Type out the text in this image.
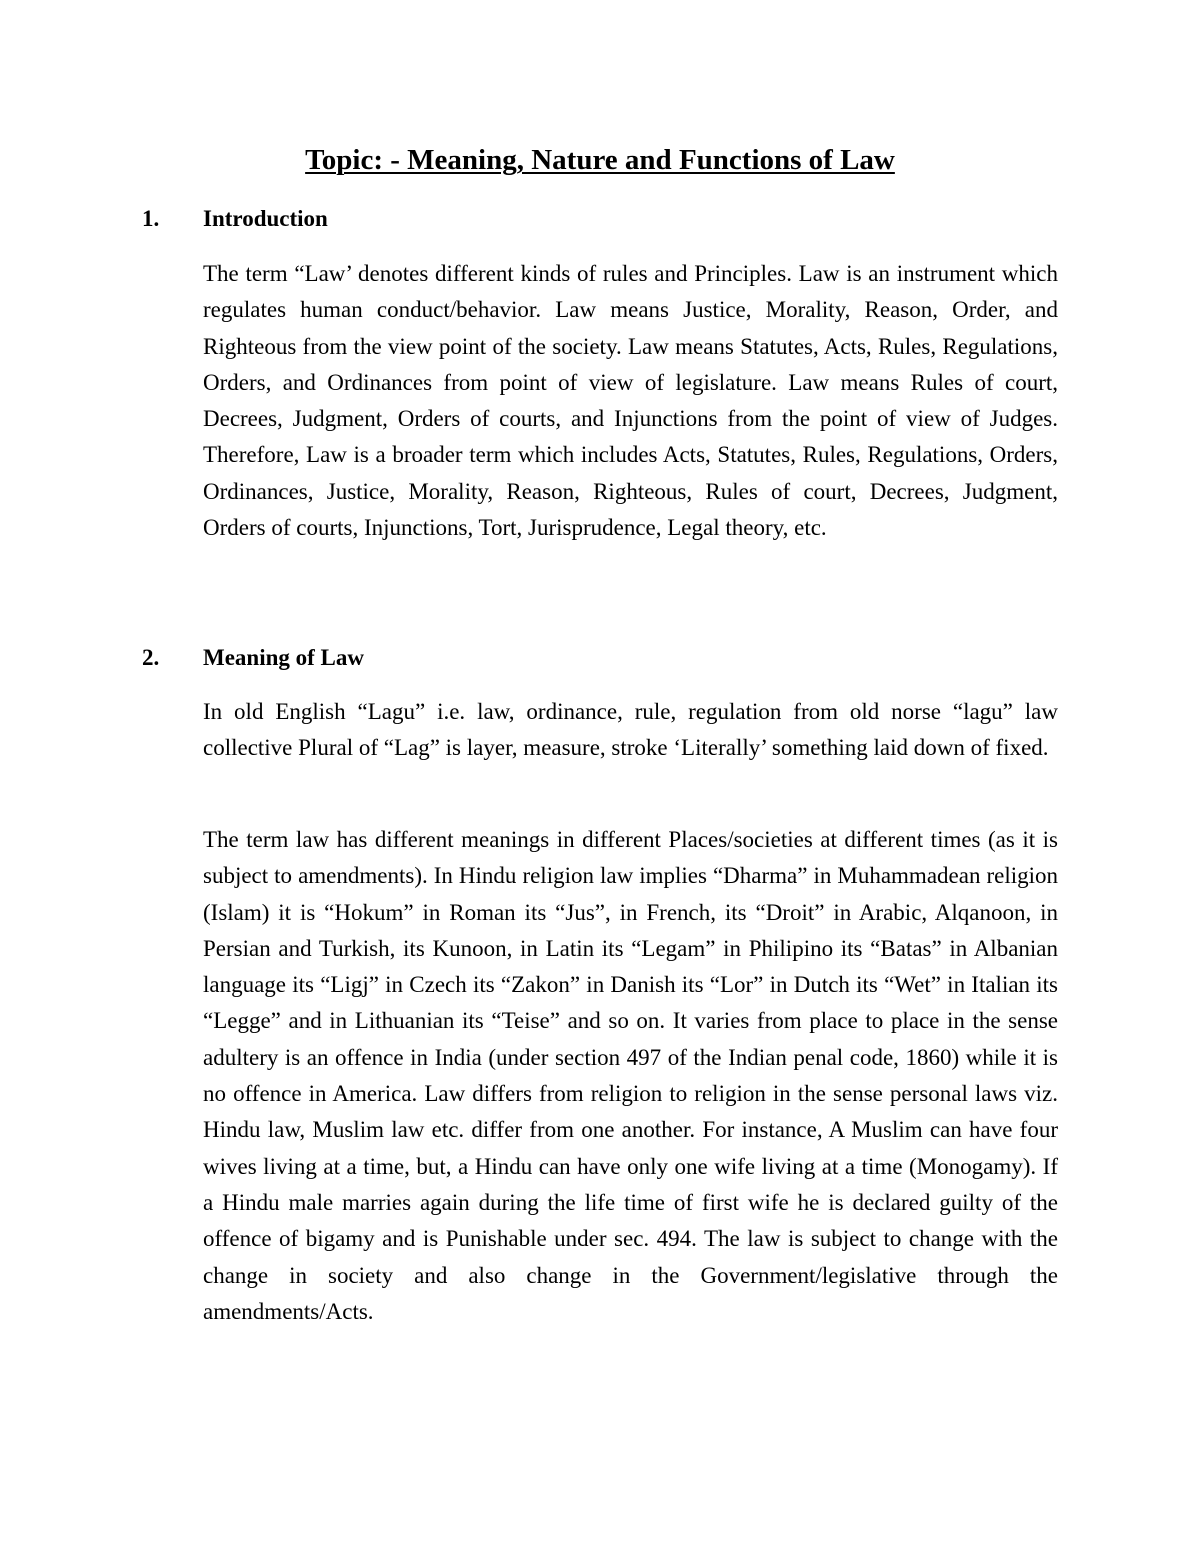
Topic: - Meaning, Nature and Functions of Law
1. Introduction

The term “Law’ denotes different kinds of rules and Principles. Law is an instrument which regulates human conduct/behavior. Law means Justice, Morality, Reason, Order, and Righteous from the view point of the society. Law means Statutes, Acts, Rules, Regulations, Orders, and Ordinances from point of view of legislature. Law means Rules of court, Decrees, Judgment, Orders of courts, and Injunctions from the point of view of Judges. Therefore, Law is a broader term which includes Acts, Statutes, Rules, Regulations, Orders, Ordinances, Justice, Morality, Reason, Righteous, Rules of court, Decrees, Judgment, Orders of courts, Injunctions, Tort, Jurisprudence, Legal theory, etc.

2. Meaning of Law

In old English “Lagu” i.e. law, ordinance, rule, regulation from old norse “lagu” law collective Plural of “Lag” is layer, measure, stroke ‘Literally’ something laid down of fixed.

The term law has different meanings in different Places/societies at different times (as it is subject to amendments). In Hindu religion law implies “Dharma” in Muhammadean religion (Islam) it is “Hokum” in Roman its “Jus”, in French, its “Droit” in Arabic, Alqanoon, in Persian and Turkish, its Kunoon, in Latin its “Legam” in Philipino its “Batas” in Albanian language its “Ligj” in Czech its “Zakon” in Danish its “Lor” in Dutch its “Wet” in Italian its “Legge” and in Lithuanian its “Teise” and so on. It varies from place to place in the sense adultery is an offence in India (under section 497 of the Indian penal code, 1860) while it is no offence in America. Law differs from religion to religion in the sense personal laws viz. Hindu law, Muslim law etc. differ from one another. For instance, A Muslim can have four wives living at a time, but, a Hindu can have only one wife living at a time (Monogamy). If a Hindu male marries again during the life time of first wife he is declared guilty of the offence of bigamy and is Punishable under sec. 494. The law is subject to change with the change in society and also change in the Government/legislative through the amendments/Acts.
